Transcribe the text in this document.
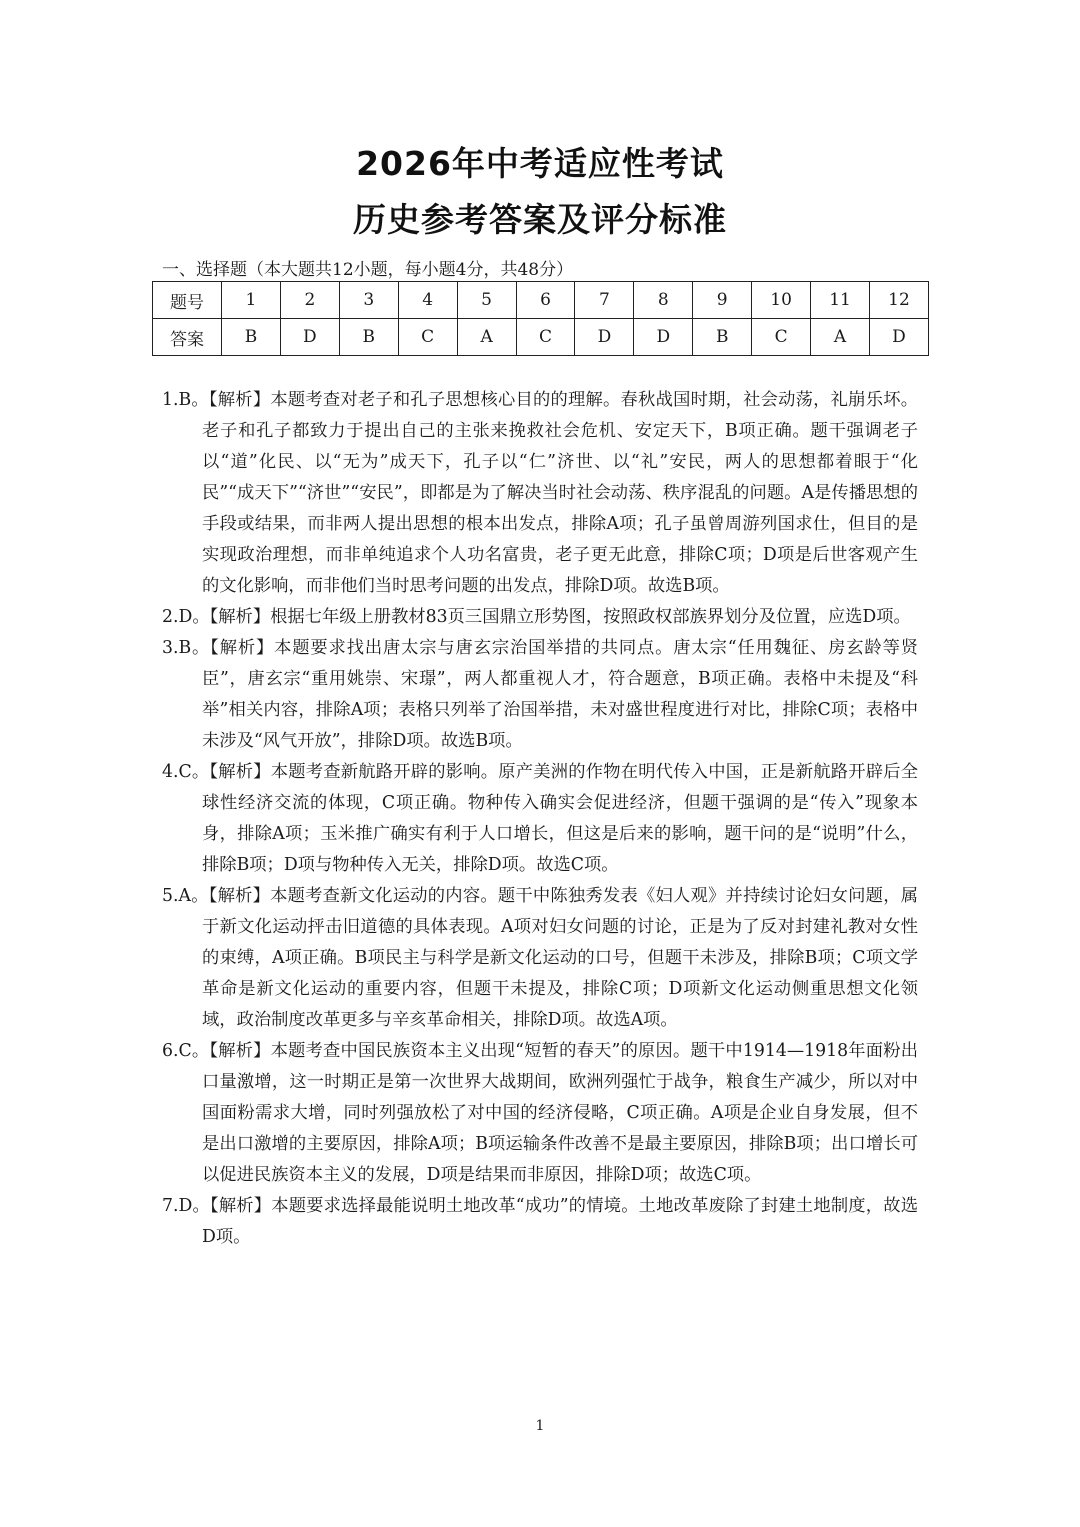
2026年中考适应性考试
历史参考答案及评分标准
一、选择题（本大题共12小题，每小题4分，共48分）
题号	1	2	3	4	5	6	7	8	9	10	11	12
答案	B	D	B	C	A	C	D	D	B	C	A	D

1.B。【解析】本题考查对老子和孔子思想核心目的的理解。春秋战国时期，社会动荡，礼崩乐坏。老子和孔子都致力于提出自己的主张来挽救社会危机、安定天下，B项正确。题干强调老子以“道”化民、以“无为”成天下，孔子以“仁”济世、以“礼”安民，两人的思想都着眼于“化民”“成天下”“济世”“安民”，即都是为了解决当时社会动荡、秩序混乱的问题。A是传播思想的手段或结果，而非两人提出思想的根本出发点，排除A项；孔子虽曾周游列国求仕，但目的是实现政治理想，而非单纯追求个人功名富贵，老子更无此意，排除C项；D项是后世客观产生的文化影响，而非他们当时思考问题的出发点，排除D项。故选B项。

2.D。【解析】根据七年级上册教材83页三国鼎立形势图，按照政权部族界划分及位置，应选D项。

3.B。【解析】本题要求找出唐太宗与唐玄宗治国举措的共同点。唐太宗“任用魏征、房玄龄等贤臣”，唐玄宗“重用姚崇、宋璟”，两人都重视人才，符合题意，B项正确。表格中未提及“科举”相关内容，排除A项；表格只列举了治国举措，未对盛世程度进行对比，排除C项；表格中未涉及“风气开放”，排除D项。故选B项。

4.C。【解析】本题考查新航路开辟的影响。原产美洲的作物在明代传入中国，正是新航路开辟后全球性经济交流的体现，C项正确。物种传入确实会促进经济，但题干强调的是“传入”现象本身，排除A项；玉米推广确实有利于人口增长，但这是后来的影响，题干问的是“说明”什么，排除B项；D项与物种传入无关，排除D项。故选C项。

5.A。【解析】本题考查新文化运动的内容。题干中陈独秀发表《妇人观》并持续讨论妇女问题，属于新文化运动抨击旧道德的具体表现。A项对妇女问题的讨论，正是为了反对封建礼教对女性的束缚，A项正确。B项民主与科学是新文化运动的口号，但题干未涉及，排除B项；C项文学革命是新文化运动的重要内容，但题干未提及，排除C项；D项新文化运动侧重思想文化领域，政治制度改革更多与辛亥革命相关，排除D项。故选A项。

6.C。【解析】本题考查中国民族资本主义出现“短暂的春天”的原因。题干中1914—1918年面粉出口量激增，这一时期正是第一次世界大战期间，欧洲列强忙于战争，粮食生产减少，所以对中国面粉需求大增，同时列强放松了对中国的经济侵略，C项正确。A项是企业自身发展，但不是出口激增的主要原因，排除A项；B项运输条件改善不是最主要原因，排除B项；出口增长可以促进民族资本主义的发展，D项是结果而非原因，排除D项；故选C项。

7.D。【解析】本题要求选择最能说明土地改革“成功”的情境。土地改革废除了封建土地制度，故选D项。

1
